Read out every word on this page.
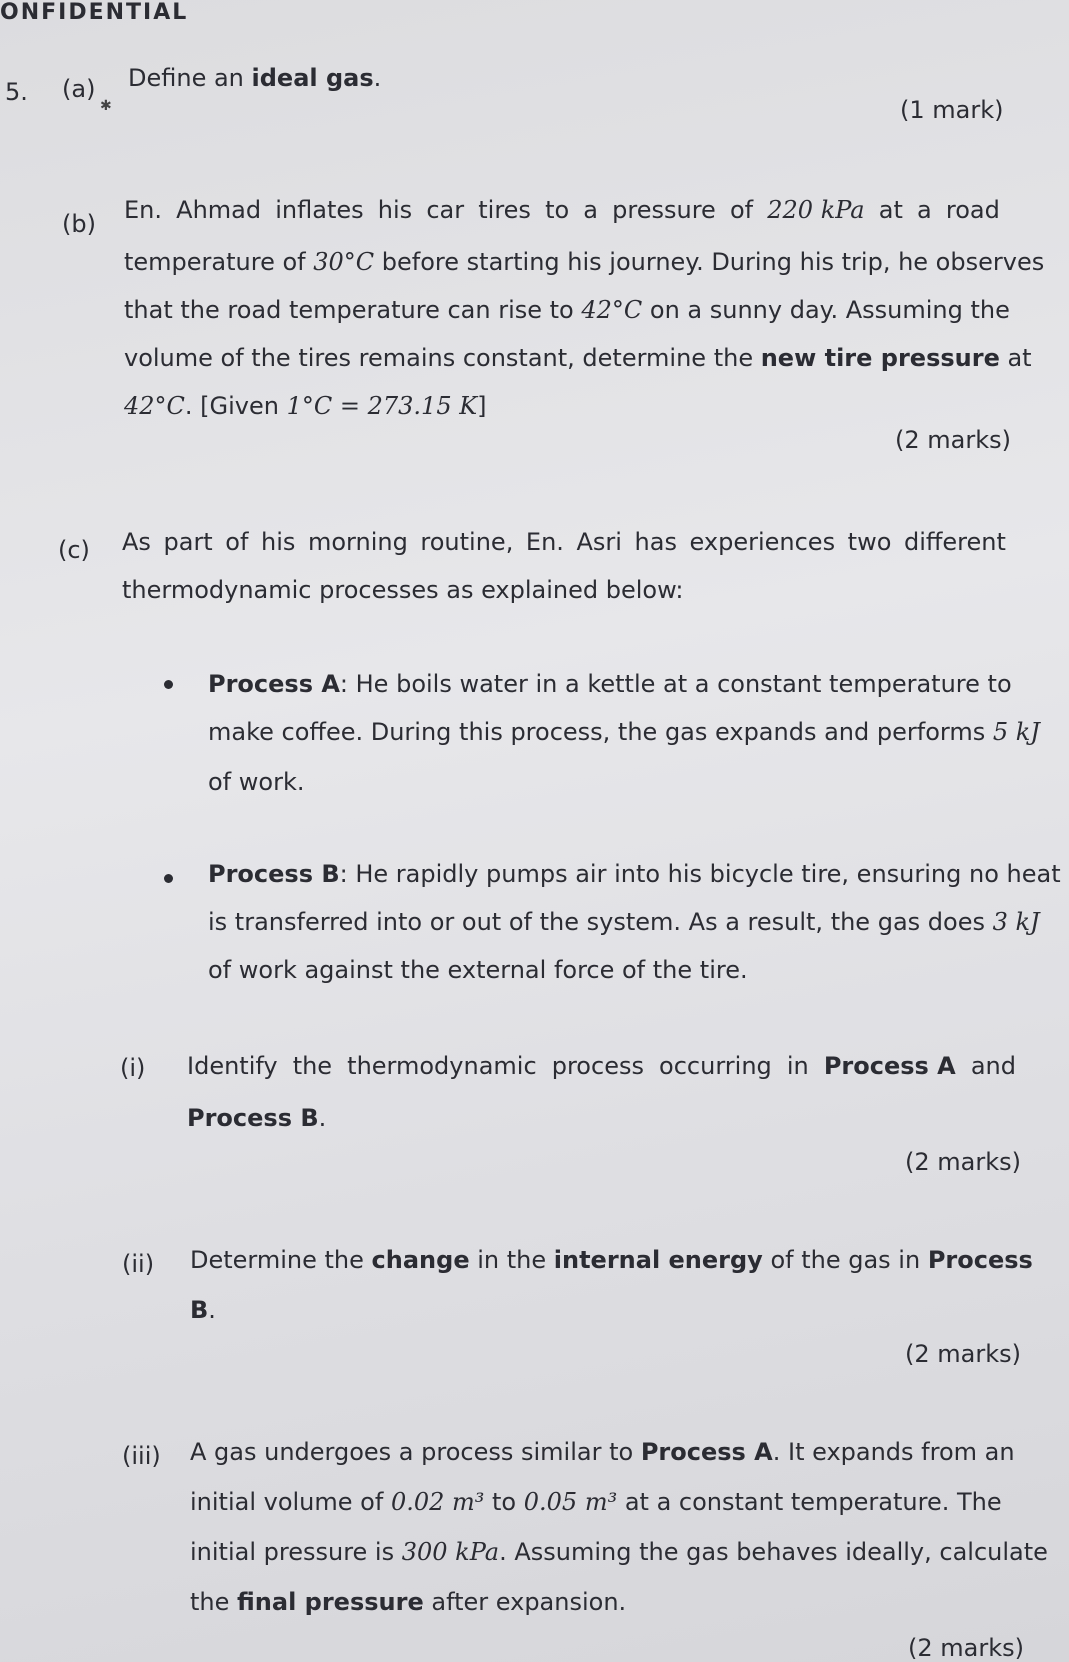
ONFIDENTIAL
5. (a)
✱
Define an ideal gas.
(1 mark)
(b) En. Ahmad inflates his car tires to a pressure of 220 kPa at a road
temperature of 30°C before starting his journey. During his trip, he observes
that the road temperature can rise to 42°C on a sunny day. Assuming the
volume of the tires remains constant, determine the new tire pressure at
42°C. [Given 1°C = 273.15 K]
(2 marks)
(c) As part of his morning routine, En. Asri has experiences two different
thermodynamic processes as explained below:
Process A: He boils water in a kettle at a constant temperature to
make coffee. During this process, the gas expands and performs 5 kJ
of work.
Process B: He rapidly pumps air into his bicycle tire, ensuring no heat
is transferred into or out of the system. As a result, the gas does 3 kJ
of work against the external force of the tire.
(i) Identify the thermodynamic process occurring in Process A and
Process B.
(2 marks)
(ii) Determine the change in the internal energy of the gas in Process
B.
(2 marks)
(iii) A gas undergoes a process similar to Process A. It expands from an
initial volume of 0.02 m³ to 0.05 m³ at a constant temperature. The
initial pressure is 300 kPa. Assuming the gas behaves ideally, calculate
the final pressure after expansion.
(2 marks)
